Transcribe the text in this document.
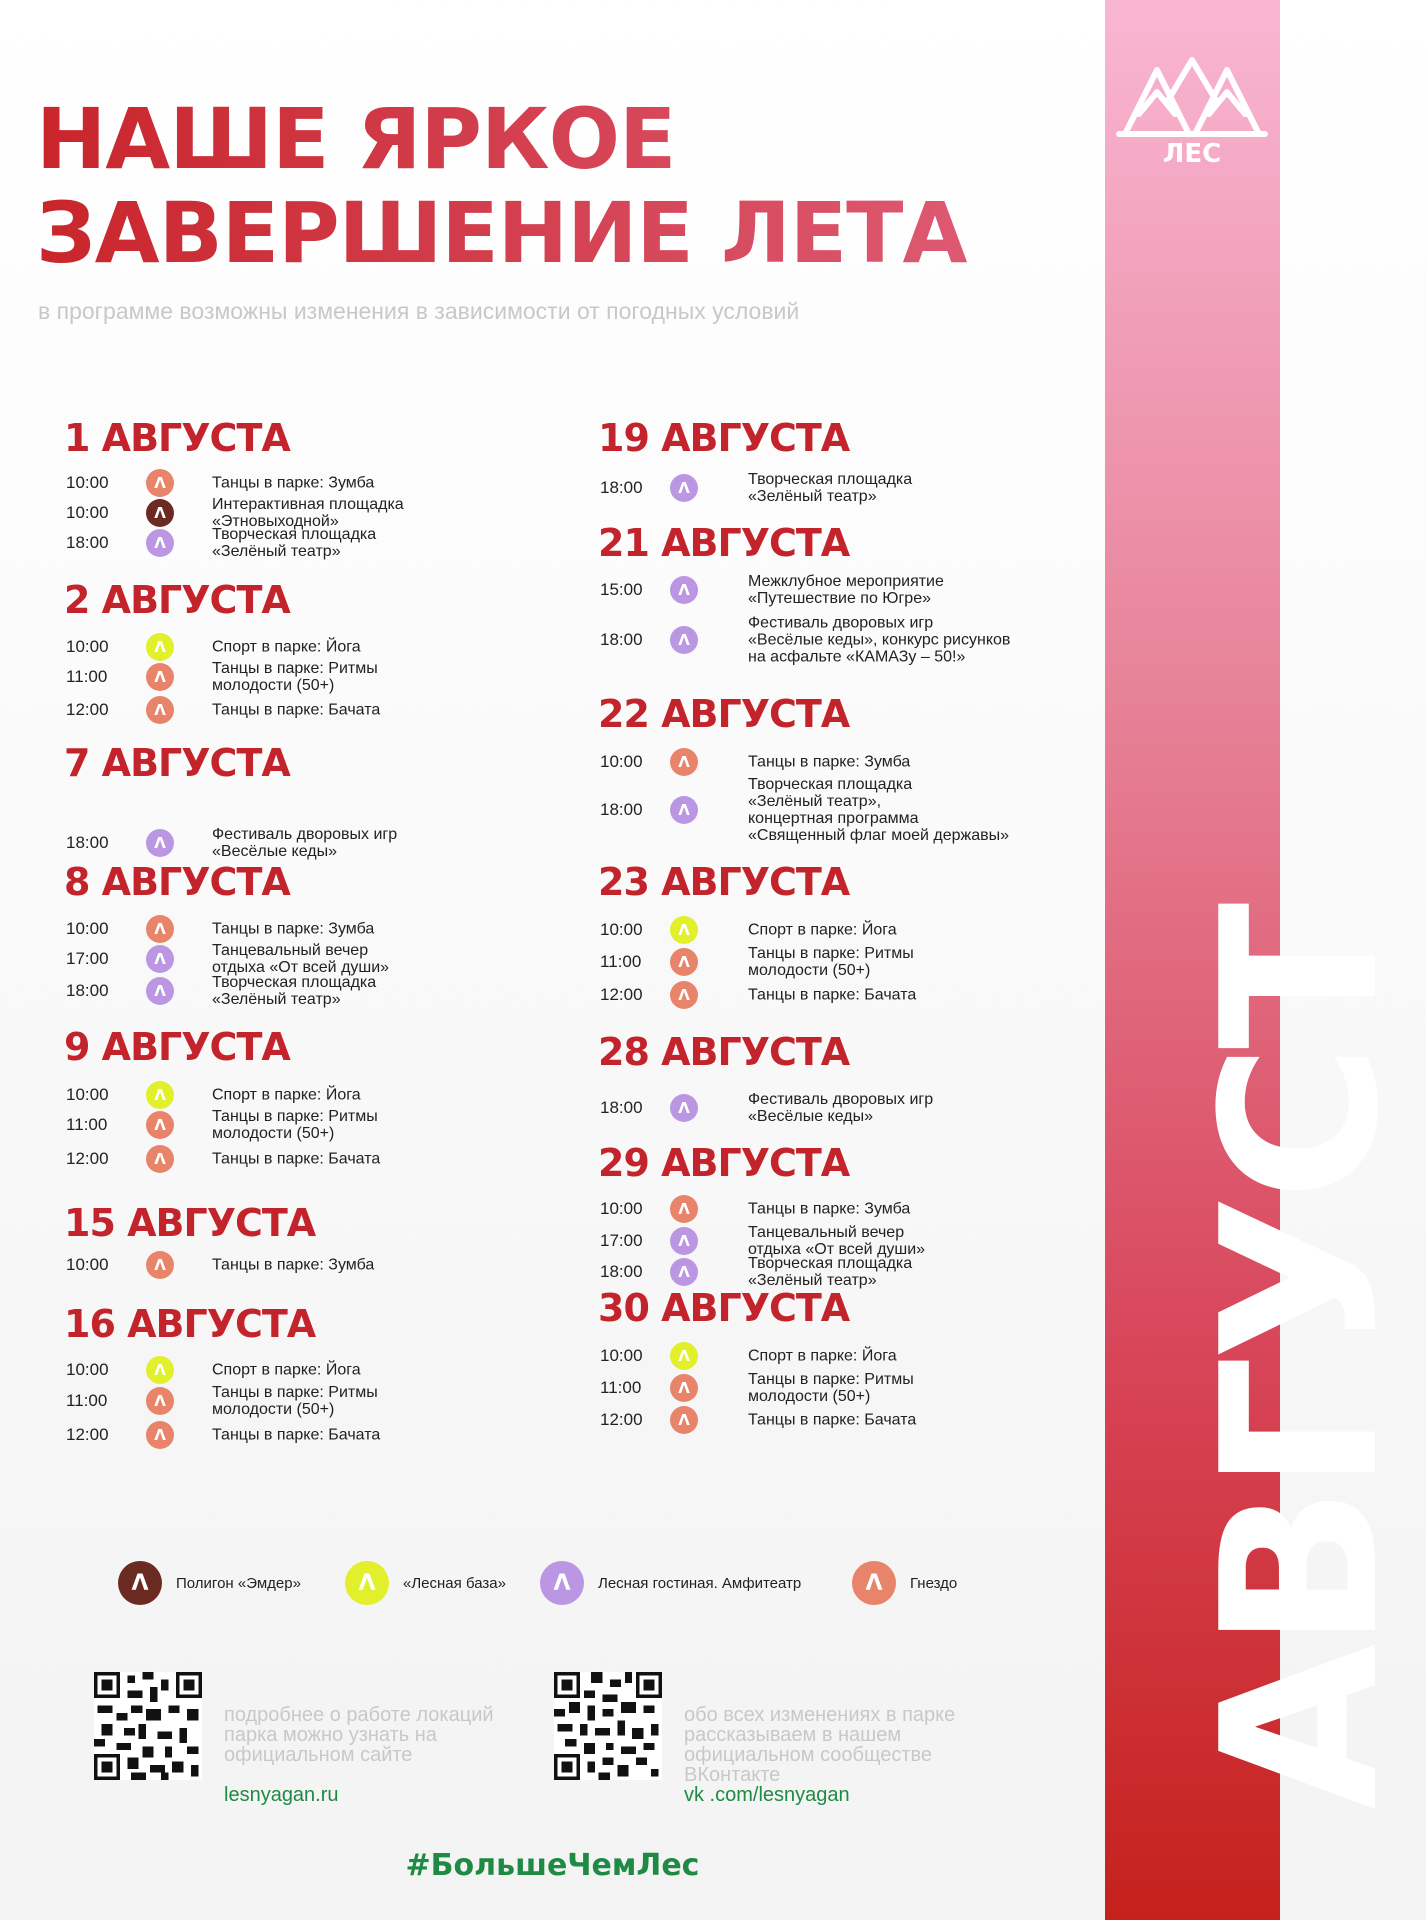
ЛЕС
АВГУСТ
НАШЕ ЯРКОЕ
ЗАВЕРШЕНИЕ ЛЕТА
в программе возможны изменения в зависимости от погодных условий
1 АВГУСТА
10:00	Λ	Танцы в парке: Зумба
10:00	Λ	Интерактивная площадка
«Этновыходной»
18:00	Λ	Творческая площадка
«Зелёный театр»
2 АВГУСТА
10:00	Λ	Спорт в парке: Йога
11:00	Λ	Танцы в парке: Ритмы
молодости (50+)
12:00	Λ	Танцы в парке: Бачата
7 АВГУСТА
18:00	Λ	Фестиваль дворовых игр
«Весёлые кеды»
8 АВГУСТА
10:00	Λ	Танцы в парке: Зумба
17:00	Λ	Танцевальный вечер
отдыха «От всей души»
18:00	Λ	Творческая площадка
«Зелёный театр»
9 АВГУСТА
10:00	Λ	Спорт в парке: Йога
11:00	Λ	Танцы в парке: Ритмы
молодости (50+)
12:00	Λ	Танцы в парке: Бачата
15 АВГУСТА
10:00	Λ	Танцы в парке: Зумба
16 АВГУСТА
10:00	Λ	Спорт в парке: Йога
11:00	Λ	Танцы в парке: Ритмы
молодости (50+)
12:00	Λ	Танцы в парке: Бачата
19 АВГУСТА
18:00	Λ	Творческая площадка
«Зелёный театр»
21 АВГУСТА
15:00	Λ	Межклубное мероприятие
«Путешествие по Югре»
18:00	Λ
Фестиваль дворовых игр
«Весёлые кеды», конкурс рисунков
на асфальте «КАМАЗу – 50!»
22 АВГУСТА
10:00	Λ	Танцы в парке: Зумба
18:00	Λ
Творческая площадка
«Зелёный театр»,
концертная программа
«Священный флаг моей державы»
23 АВГУСТА
10:00	Λ	Спорт в парке: Йога
11:00	Λ	Танцы в парке: Ритмы
молодости (50+)
12:00	Λ	Танцы в парке: Бачата
28 АВГУСТА
18:00	Λ	Фестиваль дворовых игр
«Весёлые кеды»
29 АВГУСТА
10:00	Λ	Танцы в парке: Зумба
17:00	Λ	Танцевальный вечер
отдыха «От всей души»
18:00	Λ	Творческая площадка
«Зелёный театр»
30 АВГУСТА
10:00	Λ	Спорт в парке: Йога
11:00	Λ	Танцы в парке: Ритмы
молодости (50+)
12:00	Λ	Танцы в парке: Бачата
Λ	Полигон «Эмдер»	Λ	«Лесная база»	Λ	Лесная гостиная. Амфитеатр	Λ	Гнездо

подробнее о работе локаций
парка можно узнать на
официальном сайте

lesnyagan.ru

обо всех изменениях в парке
рассказываем в нашем
официальном сообществе
ВКонтакте
vk .com/lesnyagan

#БольшеЧемЛес
